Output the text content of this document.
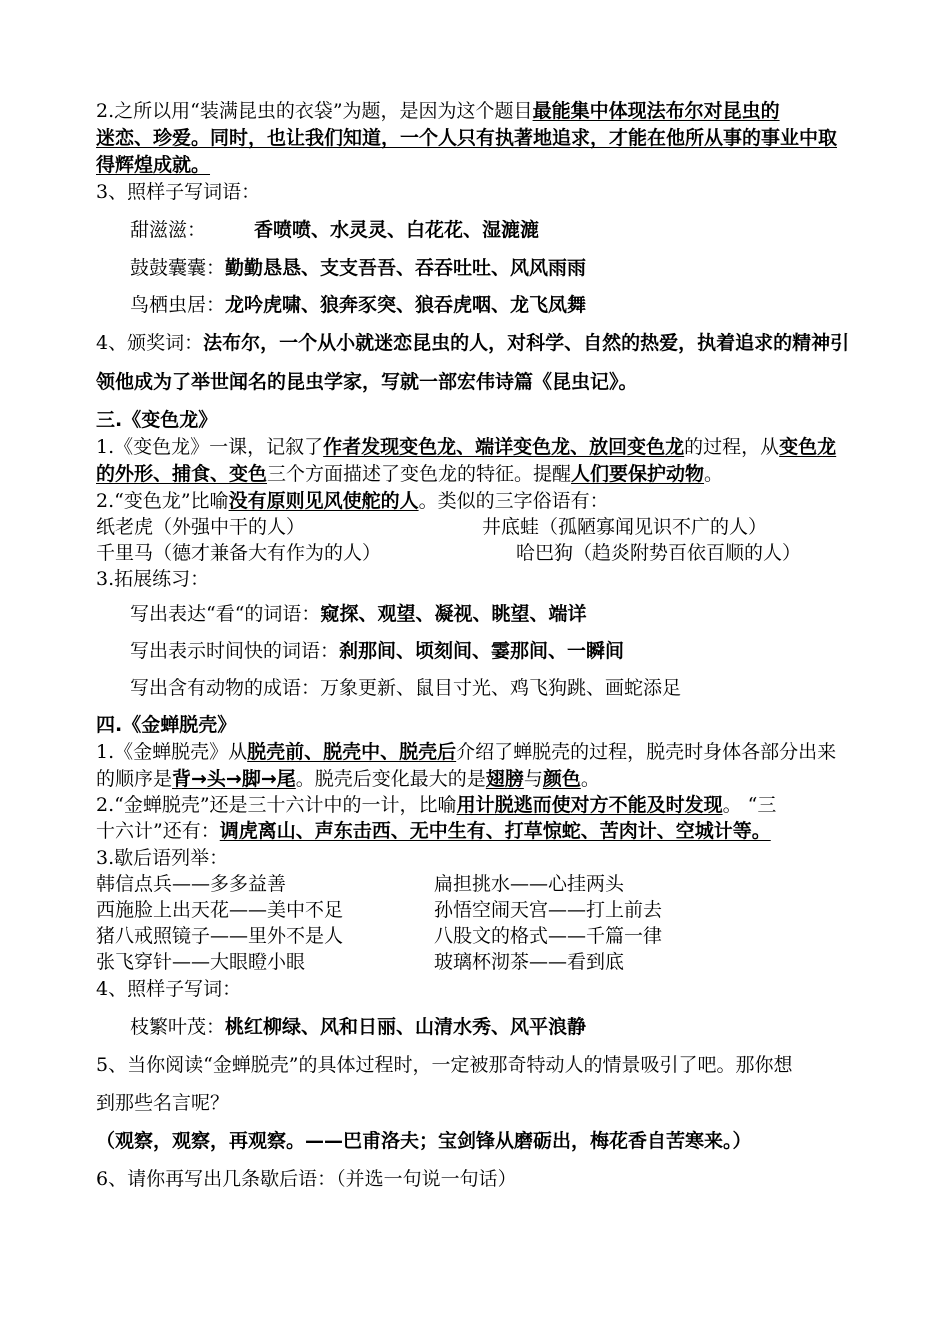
2.之所以用“装满昆虫的衣袋”为题，是因为这个题目最能集中体现法布尔对昆虫的
迷恋、珍爱。同时，也让我们知道，一个人只有执著地追求，才能在他所从事的事业中取
得辉煌成就。
3、照样子写词语：
甜滋滋：	香喷喷、水灵灵、白花花、湿漉漉
鼓鼓囊囊：勤勤恳恳、支支吾吾、吞吞吐吐、风风雨雨
鸟栖虫居：龙吟虎啸、狼奔豕突、狼吞虎咽、龙飞凤舞
4、颁奖词：法布尔，一个从小就迷恋昆虫的人，对科学、自然的热爱，执着追求的精神引
领他成为了举世闻名的昆虫学家，写就一部宏伟诗篇《昆虫记》。
三.《变色龙》
1.《变色龙》一课，记叙了作者发现变色龙、端详变色龙、放回变色龙的过程，从变色龙
的外形、捕食、变色三个方面描述了变色龙的特征。提醒人们要保护动物。
2.“变色龙”比喻没有原则见风使舵的人。类似的三字俗语有：
纸老虎（外强中干的人）	井底蛙（孤陋寡闻见识不广的人）
千里马（德才兼备大有作为的人）	哈巴狗（趋炎附势百依百顺的人）
3.拓展练习：
写出表达“看“的词语：窥探、观望、凝视、眺望、端详
写出表示时间快的词语：刹那间、顷刻间、霎那间、一瞬间
写出含有动物的成语：万象更新、鼠目寸光、鸡飞狗跳、画蛇添足
四.《金蝉脱壳》
1.《金蝉脱壳》从脱壳前、脱壳中、脱壳后介绍了蝉脱壳的过程，脱壳时身体各部分出来
的顺序是背→头→脚→尾。脱壳后变化最大的是翅膀与颜色。
2.“金蝉脱壳”还是三十六计中的一计，比喻用计脱逃而使对方不能及时发现。 “三
十六计”还有：调虎离山、声东击西、无中生有、打草惊蛇、苦肉计、空城计等。
3.歇后语列举：
韩信点兵——多多益善	扁担挑水——心挂两头
西施脸上出天花——美中不足	孙悟空闹天宫——打上前去
猪八戒照镜子——里外不是人	八股文的格式——千篇一律
张飞穿针——大眼瞪小眼	玻璃杯沏茶——看到底
4、照样子写词：
枝繁叶茂：桃红柳绿、风和日丽、山清水秀、风平浪静
5、当你阅读“金蝉脱壳”的具体过程时，一定被那奇特动人的情景吸引了吧。那你想
到那些名言呢？
（观察，观察，再观察。——巴甫洛夫；宝剑锋从磨砺出，梅花香自苦寒来。）
6、请你再写出几条歇后语：（并选一句说一句话）
